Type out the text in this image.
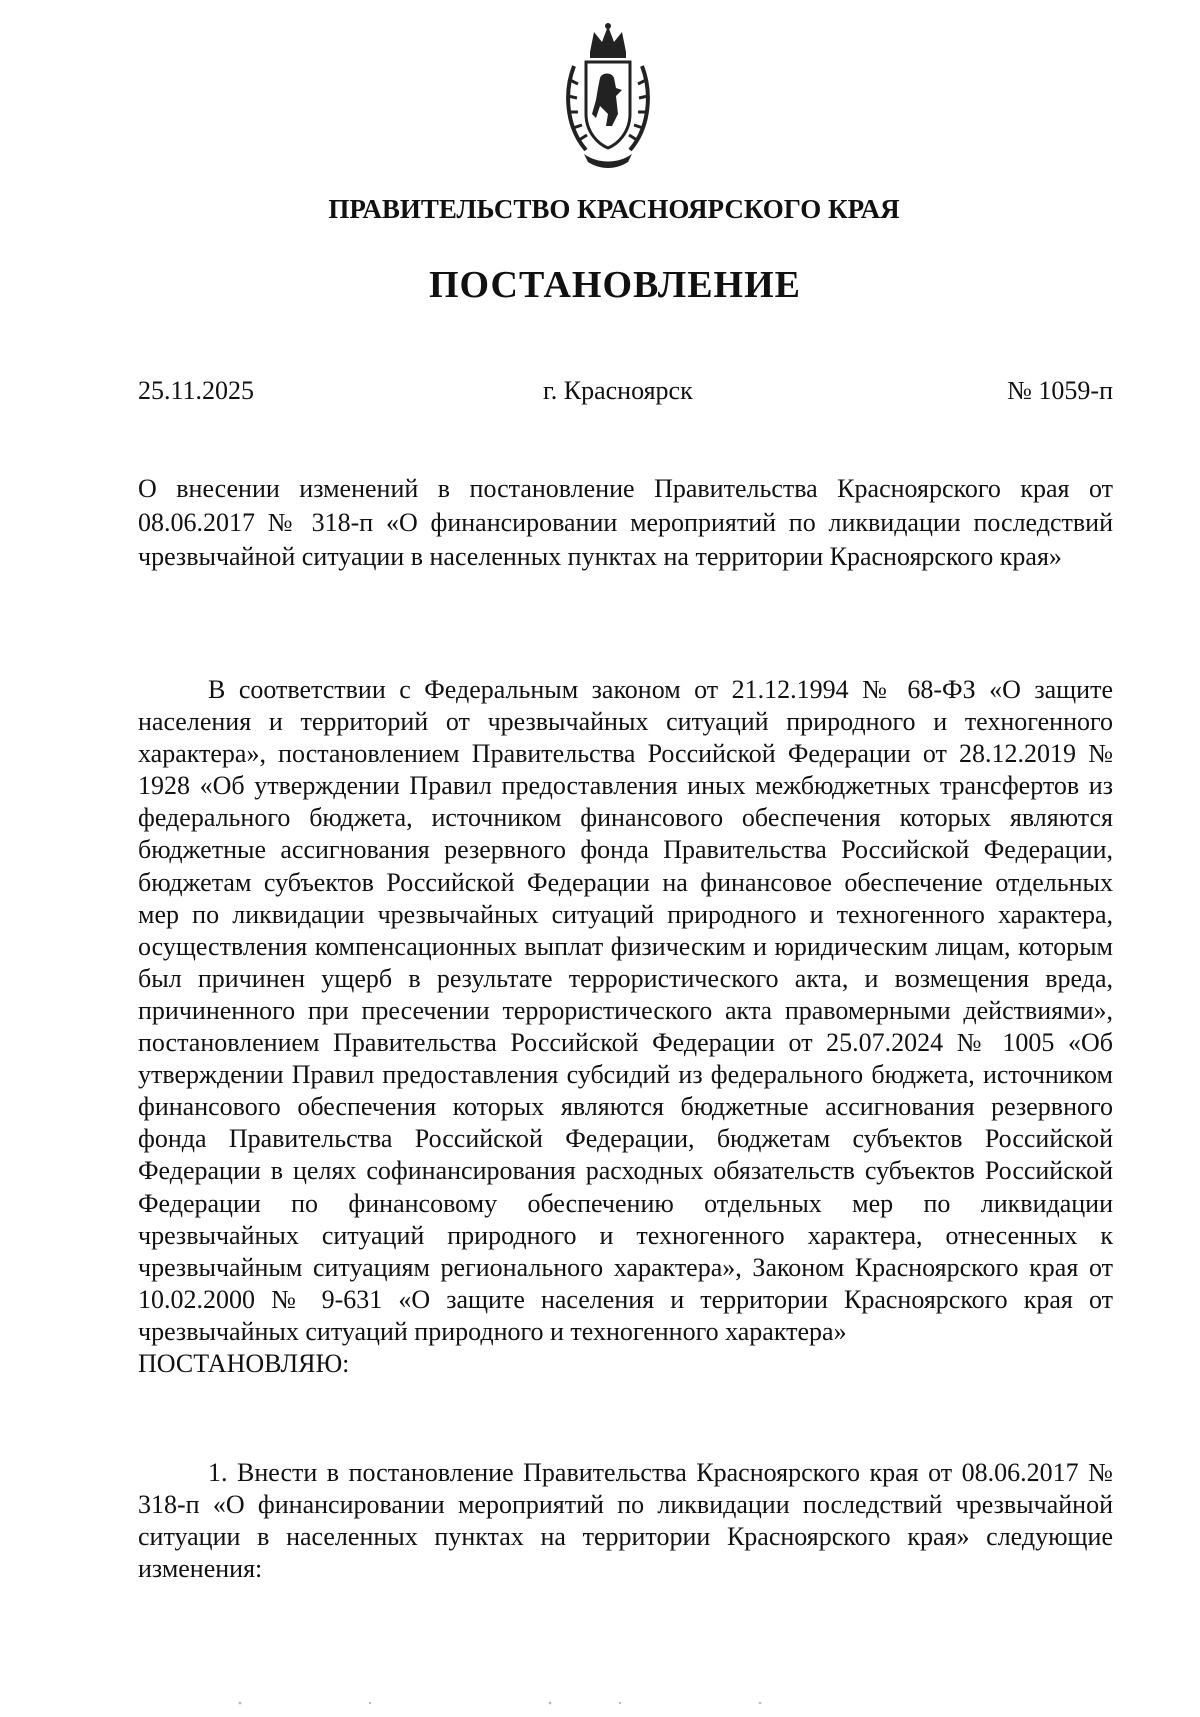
ПРАВИТЕЛЬСТВО КРАСНОЯРСКОГО КРАЯ
ПОСТАНОВЛЕНИЕ
25.11.2025	г. Красноярск	№ 1059-п
О внесении изменений в постановление Правительства Красноярского края от 08.06.2017 № 318-п «О финансировании мероприятий по ликвидации последствий чрезвычайной ситуации в населенных пунктах на территории Красноярского края»
В соответствии с Федеральным законом от 21.12.1994 № 68-ФЗ «О защите населения и территорий от чрезвычайных ситуаций природного и техногенного характера», постановлением Правительства Российской Федерации от 28.12.2019 № 1928 «Об утверждении Правил предоставления иных межбюджетных трансфертов из федерального бюджета, источником финансового обеспечения которых являются бюджетные ассигнования резервного фонда Правительства Российской Федерации, бюджетам субъектов Российской Федерации на финансовое обеспечение отдельных мер по ликвидации чрезвычайных ситуаций природного и техногенного характера, осуществления компенсационных выплат физическим и юридическим лицам, которым был причинен ущерб в результате террористического акта, и возмещения вреда, причиненного при пресечении террористического акта правомерными действиями», постановлением Правительства Российской Федерации от 25.07.2024 № 1005 «Об утверждении Правил предоставления субсидий из федерального бюджета, источником финансового обеспечения которых являются бюджетные ассигнования резервного фонда Правительства Российской Федерации, бюджетам субъектов Российской Федерации в целях софинансирования расходных обязательств субъектов Российской Федерации по финансовому обеспечению отдельных мер по ликвидации чрезвычайных ситуаций природного и техногенного характера, отнесенных к чрезвычайным ситуациям регионального характера», Законом Красноярского края от 10.02.2000 № 9-631 «О защите населения и территории Красноярского края от чрезвычайных ситуаций природного и техногенного характера»
ПОСТАНОВЛЯЮ:
1. Внести в постановление Правительства Красноярского края от 08.06.2017 № 318-п «О финансировании мероприятий по ликвидации последствий чрезвычайной ситуации в населенных пунктах на территории Красноярского края» следующие изменения:
